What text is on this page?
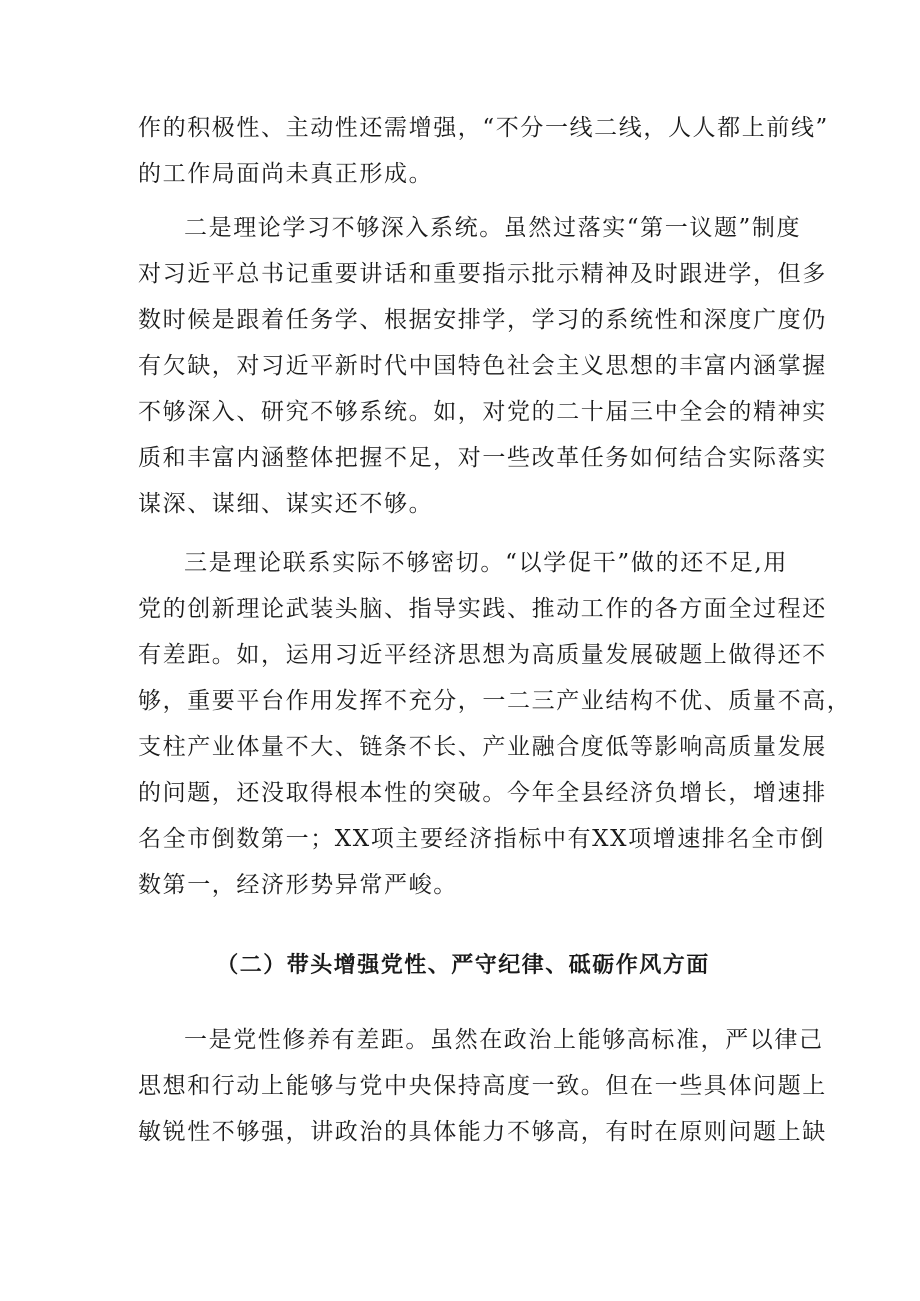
作的积极性、主动性还需增强，“不分一线二线，人人都上前线”
的工作局面尚未真正形成。
二是理论学习不够深入系统。虽然过落实“第一议题”制度
对习近平总书记重要讲话和重要指示批示精神及时跟进学，但多
数时候是跟着任务学、根据安排学，学习的系统性和深度广度仍
有欠缺，对习近平新时代中国特色社会主义思想的丰富内涵掌握
不够深入、研究不够系统。如，对党的二十届三中全会的精神实
质和丰富内涵整体把握不足，对一些改革任务如何结合实际落实
谋深、谋细、谋实还不够。
三是理论联系实际不够密切。“以学促干”做的还不足,用
党的创新理论武装头脑、指导实践、推动工作的各方面全过程还
有差距。如，运用习近平经济思想为高质量发展破题上做得还不
够，重要平台作用发挥不充分，一二三产业结构不优、质量不高，
支柱产业体量不大、链条不长、产业融合度低等影响高质量发展
的问题，还没取得根本性的突破。今年全县经济负增长，增速排
名全市倒数第一；XX项主要经济指标中有XX项增速排名全市倒
数第一，经济形势异常严峻。
（二）带头增强党性、严守纪律、砥砺作风方面
一是党性修养有差距。虽然在政治上能够高标准，严以律己
思想和行动上能够与党中央保持高度一致。但在一些具体问题上
敏锐性不够强，讲政治的具体能力不够高，有时在原则问题上缺
